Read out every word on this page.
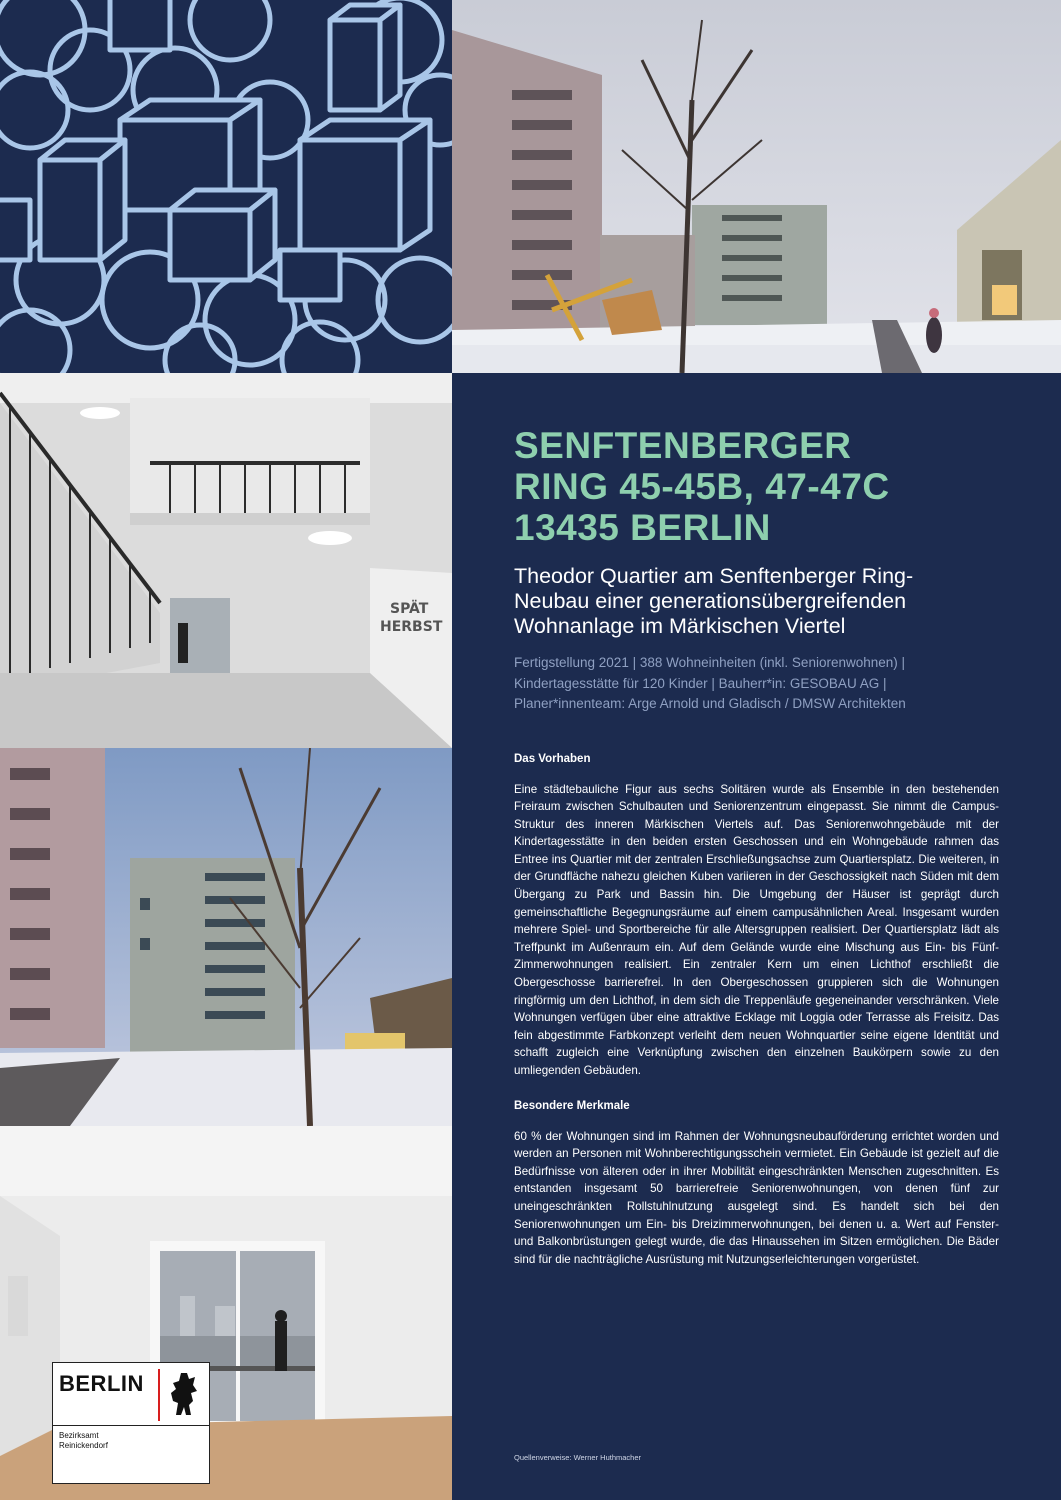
SPÄT
HERBST
BERLIN
Bezirksamt
Reinickendorf

SENFTENBERGER

RING 45-45B, 47-47C

13435 BERLIN

Theodor Quartier am Senftenberger Ring-

Neubau einer generationsübergreifenden

Wohnanlage im Märkischen Viertel

Fertigstellung 2021 | 388 Wohneinheiten (inkl. Seniorenwohnen) |

Kindertagesstätte für 120 Kinder | Bauherr*in: GESOBAU AG |

Planer*innenteam: Arge Arnold und Gladisch / DMSW Architekten

Das Vorhaben

Eine städtebauliche Figur aus sechs Solitären wurde als Ensemble in den bestehenden Freiraum zwischen Schulbauten und Seniorenzentrum eingepasst. Sie nimmt die Campus-Struktur des inneren Märkischen Viertels auf. Das Seniorenwohngebäude mit der Kindertagesstätte in den beiden ersten Geschossen und ein Wohngebäude rahmen das Entree ins Quartier mit der zentralen Erschließungsachse zum Quartiersplatz. Die weiteren, in der Grundfläche nahezu gleichen Kuben variieren in der Geschossigkeit nach Süden mit dem Übergang zu Park und Bassin hin. Die Umgebung der Häuser ist geprägt durch gemeinschaftliche Begegnungsräume auf einem campusähnlichen Areal. Insgesamt wurden mehrere Spiel- und Sportbereiche für alle Altersgruppen realisiert. Der Quartiersplatz lädt als Treffpunkt im Außenraum ein. Auf dem Gelände wurde eine Mischung aus Ein- bis Fünf-Zimmerwohnungen realisiert. Ein zentraler Kern um einen Lichthof erschließt die Obergeschosse barrierefrei. In den Obergeschossen gruppieren sich die Wohnungen ringförmig um den Lichthof, in dem sich die Treppenläufe gegeneinander verschränken. Viele Wohnungen verfügen über eine attraktive Ecklage mit Loggia oder Terrasse als Freisitz. Das fein abgestimmte Farbkonzept verleiht dem neuen Wohnquartier seine eigene Identität und schafft zugleich eine Verknüpfung zwischen den einzelnen Baukörpern sowie zu den umliegenden Gebäuden.

Besondere Merkmale

60 % der Wohnungen sind im Rahmen der Wohnungsneubauförderung errichtet worden und werden an Personen mit Wohnberechtigungsschein vermietet. Ein Gebäude ist gezielt auf die Bedürfnisse von älteren oder in ihrer Mobilität eingeschränkten Menschen zugeschnitten. Es entstanden insgesamt 50 barrierefreie Seniorenwohnungen, von denen fünf zur uneingeschränkten Rollstuhlnutzung ausgelegt sind. Es handelt sich bei den Seniorenwohnungen um Ein- bis Dreizimmerwohnungen, bei denen u. a. Wert auf Fenster- und Balkonbrüstungen gelegt wurde, die das Hinaussehen im Sitzen ermöglichen. Die Bäder sind für die nachträgliche Ausrüstung mit Nutzungserleichterungen vorgerüstet.

Quellenverweise: Werner Huthmacher
